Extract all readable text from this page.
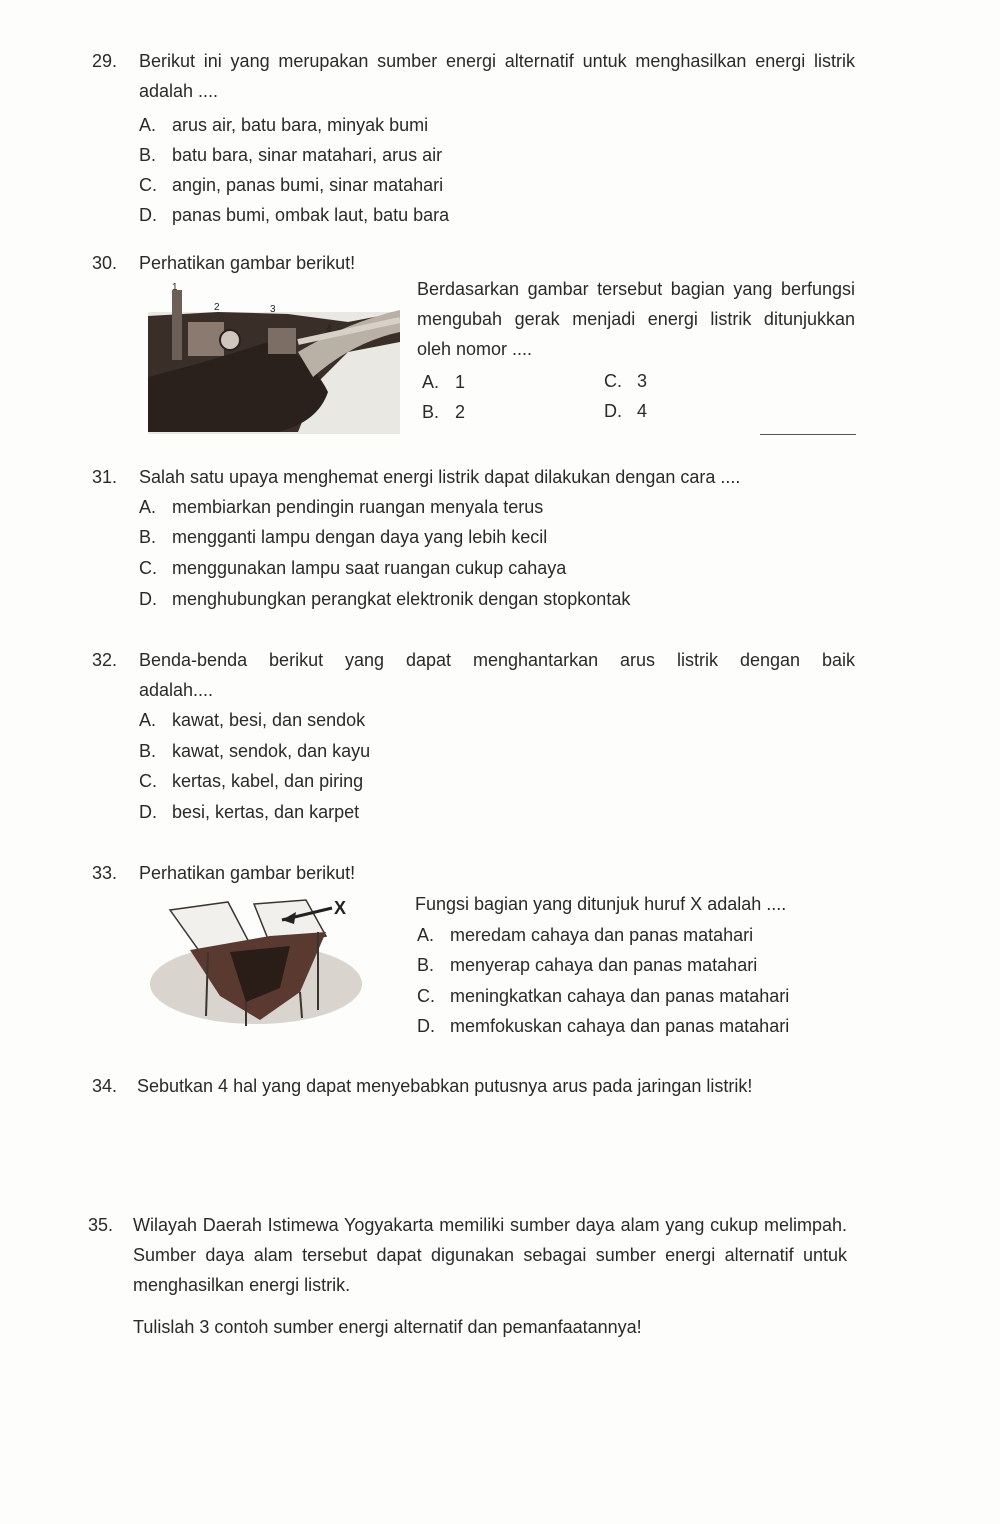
29.	Berikut ini yang merupakan sumber energi alternatif untuk menghasilkan energi listrik adalah ....
A. arus air, batu bara, minyak bumi
B. batu bara, sinar matahari, arus air
C. angin, panas bumi, sinar matahari
D. panas bumi, ombak laut, batu bara
30.	Perhatikan gambar berikut!
1
2	3
4
Berdasarkan gambar tersebut bagian yang berfungsi mengubah gerak menjadi energi listrik ditunjukkan oleh nomor ....
A. 1
B. 2
C. 3
D. 4
31.	Salah satu upaya menghemat energi listrik dapat dilakukan dengan cara ....
A. membiarkan pendingin ruangan menyala terus
B. mengganti lampu dengan daya yang lebih kecil
C. menggunakan lampu saat ruangan cukup cahaya
D. menghubungkan perangkat elektronik dengan stopkontak
32.	Benda-benda berikut yang dapat menghantarkan arus listrik dengan baik
adalah....
A. kawat, besi, dan sendok
B. kawat, sendok, dan kayu
C. kertas, kabel, dan piring
D. besi, kertas, dan karpet
33.	Perhatikan gambar berikut!
X	Fungsi bagian yang ditunjuk huruf X adalah ....
A. meredam cahaya dan panas matahari
B. menyerap cahaya dan panas matahari
C. meningkatkan cahaya dan panas matahari
D. memfokuskan cahaya dan panas matahari
34.	Sebutkan 4 hal yang dapat menyebabkan putusnya arus pada jaringan listrik!
35.	Wilayah Daerah Istimewa Yogyakarta memiliki sumber daya alam yang cukup melimpah. Sumber daya alam tersebut dapat digunakan sebagai sumber energi alternatif untuk menghasilkan energi listrik.
Tulislah 3 contoh sumber energi alternatif dan pemanfaatannya!
